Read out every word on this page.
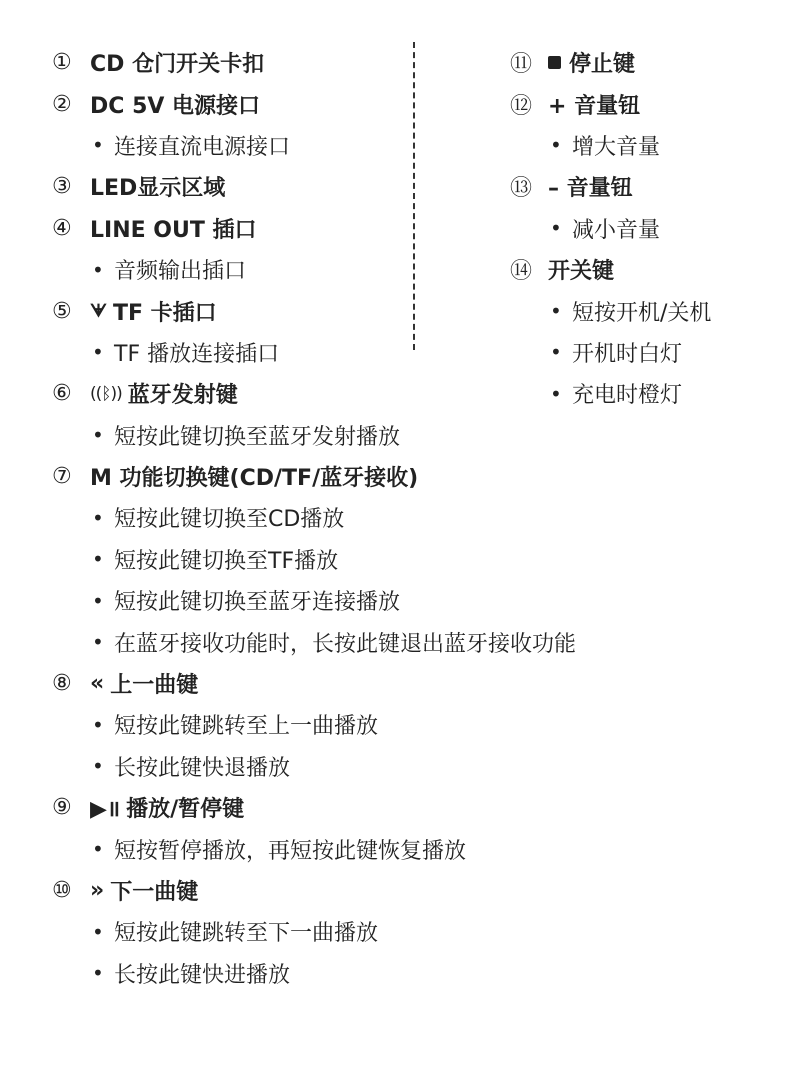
① CD 仓门开关卡扣
② DC 5V 电源接口
• 连接直流电源接口
③ LED显示区域
④ LINE OUT 插口
• 音频输出插口
⑤	ᗖ TF 卡插口
• TF 播放连接插口
⑥	((ᛒ)) 蓝牙发射键
• 短按此键切换至蓝牙发射播放
⑦ M 功能切换键(CD/TF/蓝牙接收)
• 短按此键切换至CD播放
• 短按此键切换至TF播放
• 短按此键切换至蓝牙连接播放
• 在蓝牙接收功能时，长按此键退出蓝牙接收功能
⑧ « 上一曲键
• 短按此键跳转至上一曲播放
• 长按此键快退播放
⑨ ▶॥ 播放/暂停键
• 短按暂停播放，再短按此键恢复播放
⑩ » 下一曲键
• 短按此键跳转至下一曲播放
• 长按此键快进播放
⑪	停止键
⑫ + 音量钮
• 增大音量
⑬ – 音量钮
• 减小音量
⑭ 开关键
• 短按开机/关机
• 开机时白灯
• 充电时橙灯
